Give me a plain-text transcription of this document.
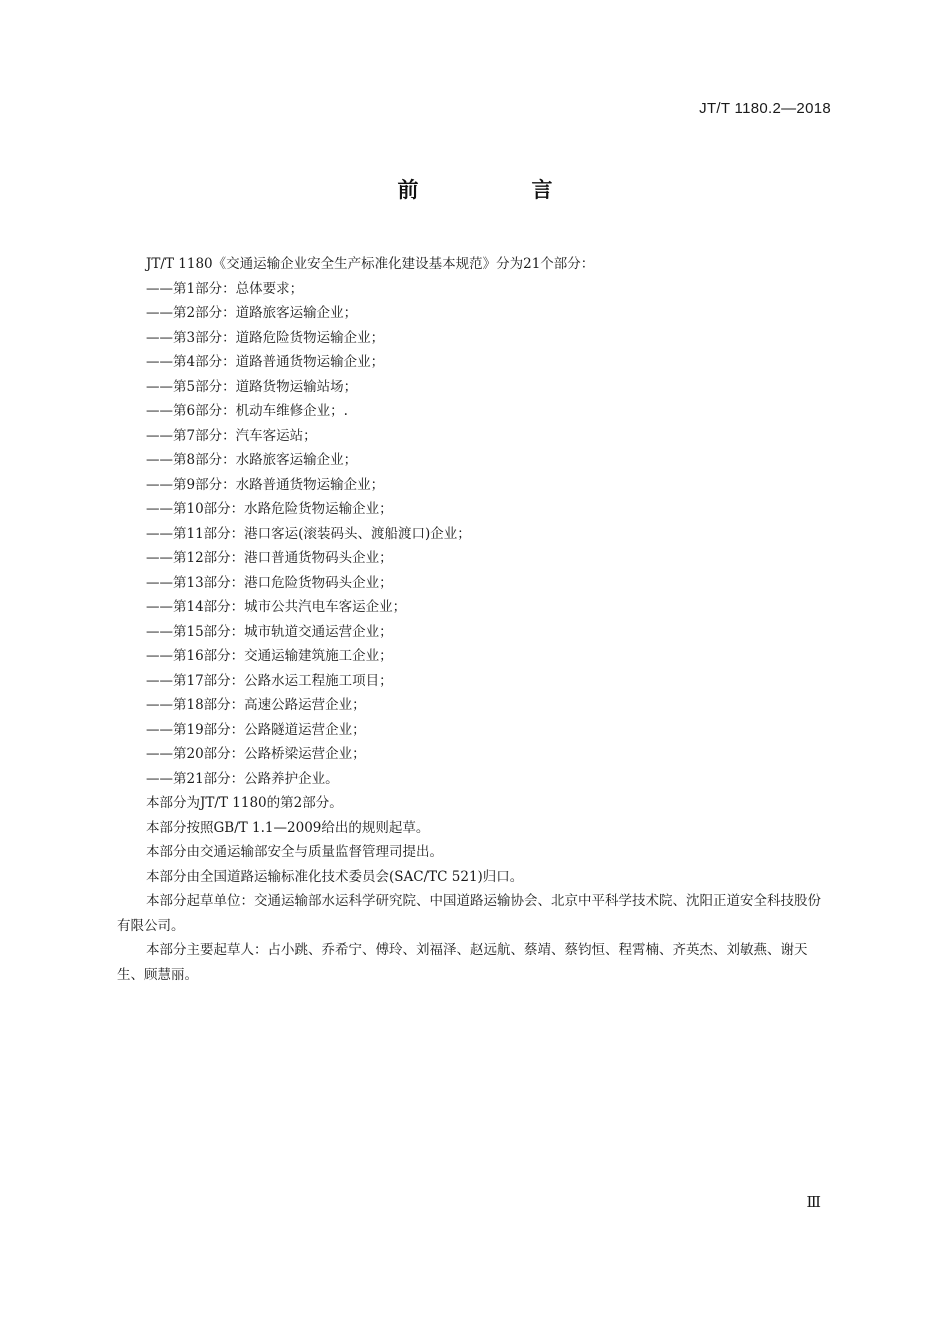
JT/T 1180.2—2018
前　言

JT/T 1180《交通运输企业安全生产标准化建设基本规范》分为21个部分：

——第1部分：总体要求；

——第2部分：道路旅客运输企业；

——第3部分：道路危险货物运输企业；

——第4部分：道路普通货物运输企业；

——第5部分：道路货物运输站场；

——第6部分：机动车维修企业；.

——第7部分：汽车客运站；

——第8部分：水路旅客运输企业；

——第9部分：水路普通货物运输企业；

——第10部分：水路危险货物运输企业；

——第11部分：港口客运(滚装码头、渡船渡口)企业；

——第12部分：港口普通货物码头企业；

——第13部分：港口危险货物码头企业；

——第14部分：城市公共汽电车客运企业；

——第15部分：城市轨道交通运营企业；

——第16部分：交通运输建筑施工企业；

——第17部分：公路水运工程施工项目；

——第18部分：高速公路运营企业；

——第19部分：公路隧道运营企业；

——第20部分：公路桥梁运营企业；

——第21部分：公路养护企业。

本部分为JT/T 1180的第2部分。

本部分按照GB/T 1.1—2009给出的规则起草。

本部分由交通运输部安全与质量监督管理司提出。

本部分由全国道路运输标准化技术委员会(SAC/TC 521)归口。

本部分起草单位：交通运输部水运科学研究院、中国道路运输协会、北京中平科学技术院、沈阳正道安全科技股份有限公司。

本部分主要起草人：占小跳、乔希宁、傅玲、刘福泽、赵远航、蔡靖、蔡钧恒、程霄楠、齐英杰、刘敏燕、谢天生、顾慧丽。

Ⅲ
